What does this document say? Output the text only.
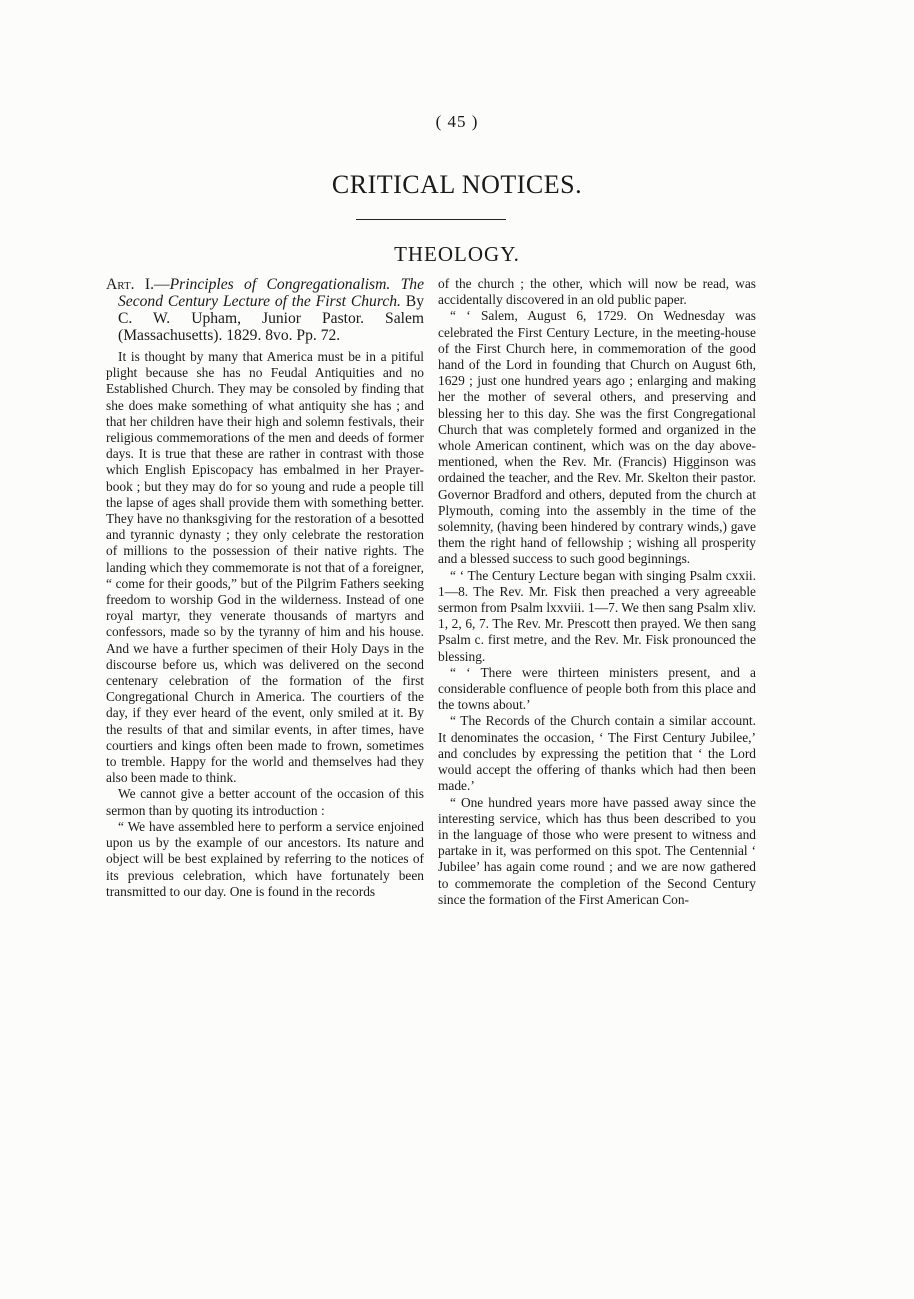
( 45 )
CRITICAL NOTICES.
THEOLOGY.

Art. I.—Principles of Congregationalism. The Second Century Lecture of the First Church. By C. W. Upham, Junior Pastor. Salem (Massachusetts). 1829. 8vo. Pp. 72.

It is thought by many that America must be in a pitiful plight because she has no Feudal Antiquities and no Established Church. They may be consoled by finding that she does make something of what antiquity she has ; and that her children have their high and solemn festivals, their religious commemorations of the men and deeds of former days. It is true that these are rather in contrast with those which English Episcopacy has embalmed in her Prayer-book ; but they may do for so young and rude a people till the lapse of ages shall provide them with something better. They have no thanksgiving for the restoration of a besotted and tyrannic dynasty ; they only celebrate the restoration of millions to the possession of their native rights. The landing which they commemorate is not that of a foreigner, “ come for their goods,” but of the Pilgrim Fathers seeking freedom to worship God in the wilderness. Instead of one royal martyr, they venerate thousands of martyrs and confessors, made so by the tyranny of him and his house. And we have a further specimen of their Holy Days in the discourse before us, which was delivered on the second centenary celebration of the formation of the first Congregational Church in America. The courtiers of the day, if they ever heard of the event, only smiled at it. By the results of that and similar events, in after times, have courtiers and kings often been made to frown, sometimes to tremble. Happy for the world and themselves had they also been made to think.

We cannot give a better account of the occasion of this sermon than by quoting its introduction :

“ We have assembled here to perform a service enjoined upon us by the example of our ancestors. Its nature and object will be best explained by referring to the notices of its previous celebration, which have fortunately been transmitted to our day. One is found in the records

of the church ; the other, which will now be read, was accidentally discovered in an old public paper.

“ ‘ Salem, August 6, 1729. On Wednesday was celebrated the First Century Lecture, in the meeting-house of the First Church here, in commemoration of the good hand of the Lord in founding that Church on August 6th, 1629 ; just one hundred years ago ; enlarging and making her the mother of several others, and preserving and blessing her to this day. She was the first Congregational Church that was completely formed and organized in the whole American continent, which was on the day above-mentioned, when the Rev. Mr. (Francis) Higginson was ordained the teacher, and the Rev. Mr. Skelton their pastor. Governor Bradford and others, deputed from the church at Plymouth, coming into the assembly in the time of the solemnity, (having been hindered by contrary winds,) gave them the right hand of fellowship ; wishing all prosperity and a blessed success to such good beginnings.

“ ‘ The Century Lecture began with singing Psalm cxxii. 1—8. The Rev. Mr. Fisk then preached a very agreeable sermon from Psalm lxxviii. 1—7. We then sang Psalm xliv. 1, 2, 6, 7. The Rev. Mr. Prescott then prayed. We then sang Psalm c. first metre, and the Rev. Mr. Fisk pronounced the blessing.

“ ‘ There were thirteen ministers present, and a considerable confluence of people both from this place and the towns about.’

“ The Records of the Church contain a similar account. It denominates the occasion, ‘ The First Century Jubilee,’ and concludes by expressing the petition that ‘ the Lord would accept the offering of thanks which had then been made.’

“ One hundred years more have passed away since the interesting service, which has thus been described to you in the language of those who were present to witness and partake in it, was performed on this spot. The Centennial ‘ Jubilee’ has again come round ; and we are now gathered to commemorate the completion of the Second Century since the formation of the First American Con-
